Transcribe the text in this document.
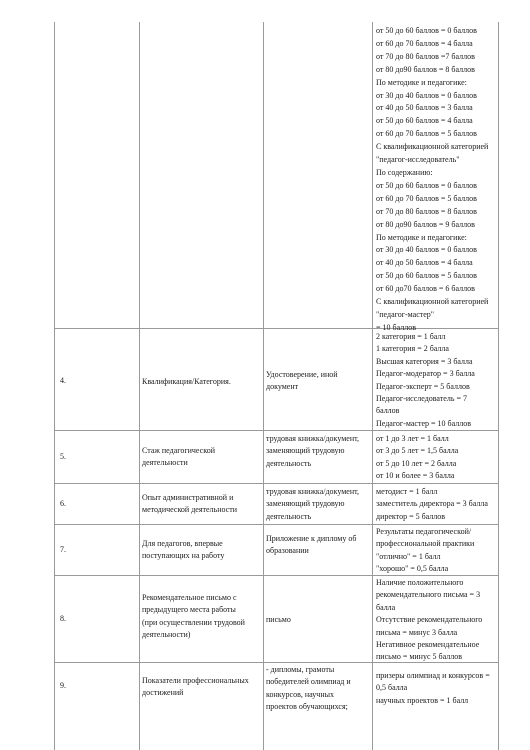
от 50 до 60 баллов = 0 баллов
от 60 до 70 баллов = 4 балла
от 70 до 80 баллов =7 баллов
от 80 до90 баллов = 8 баллов
По методике и педагогике:
от 30 до 40 баллов = 0 баллов
от 40 до 50 баллов = 3 балла
от 50 до 60 баллов = 4 балла
от 60 до 70 баллов = 5 баллов
С квалификационной категорией
"педагог-исследователь"
По содержанию:
от 50 до 60 баллов = 0 баллов
от 60 до 70 баллов = 5 баллов
от 70 до 80 баллов = 8 баллов
от 80 до90 баллов = 9 баллов
По методике и педагогике:
от 30 до 40 баллов = 0 баллов
от 40 до 50 баллов = 4 балла
от 50 до 60 баллов = 5 баллов
от 60 до70 баллов = 6 баллов
С квалификационной категорией
"педагог-мастер"
= 10 баллов
4.	Квалификация/Категория.
Удостоверение, иной
документ
2 категория = 1 балл
1 категория = 2 балла
Высшая категория = 3 балла
Педагог-модератор = 3 балла
Педагог-эксперт = 5 баллов
Педагог-исследователь = 7
баллов
Педагог-мастер = 10 баллов
5.
Стаж педагогической
деятельности
трудовая книжка/документ,
заменяющий трудовую
деятельность
от 1 до 3 лет = 1 балл
от 3 до 5 лет = 1,5 балла
от 5 до 10 лет = 2 балла
от 10 и более = 3 балла
6.
Опыт административной и
методической деятельности
трудовая книжка/документ,
заменяющий трудовую
деятельность
методист = 1 балл
заместитель директора = 3 балла
директор = 5 баллов
7.
Для педагогов, впервые
поступающих на работу
Приложение к диплому об
образовании
Результаты педагогической/
профессиональной практики
"отлично" = 1 балл
"хорошо" = 0,5 балла
8.
Рекомендательное письмо с
предыдущего места работы
(при осуществлении трудовой
деятельности)
письмо
Наличие положительного
рекомендательного письма = 3
балла
Отсутствие рекомендательного
письма = минус 3 балла
Негативное рекомендательное
письмо = минус 5 баллов
9.
Показатели профессиональных
достижений
- дипломы, грамоты
победителей олимпиад и
конкурсов, научных
проектов обучающихся;
призеры олимпиад и конкурсов =
0,5 балла
научных проектов = 1 балл
